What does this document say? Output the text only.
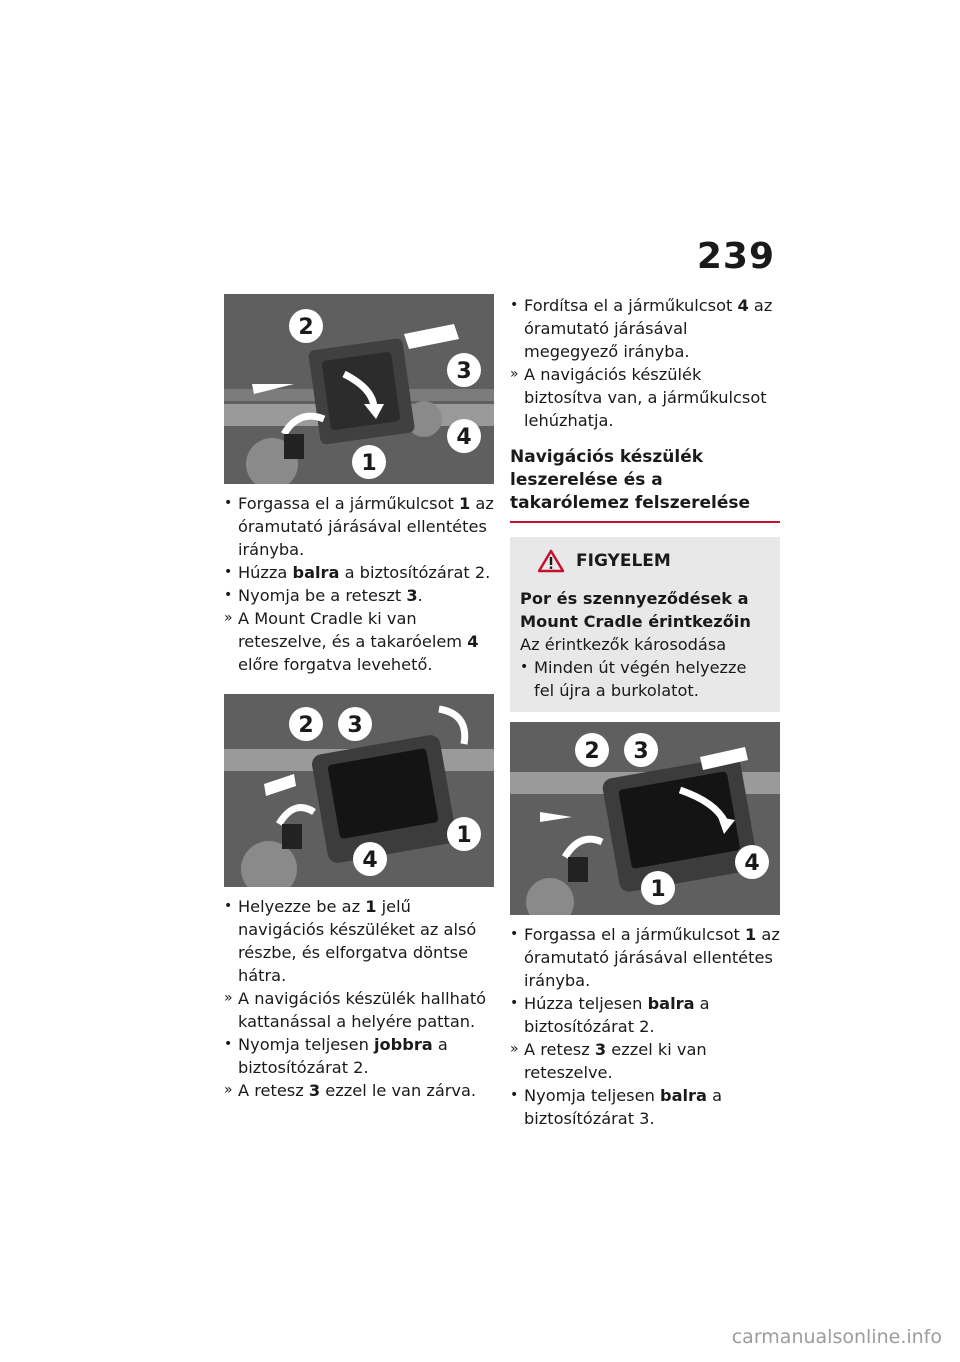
239
2
3
4
1
• Forgassa el a járműkulcsot 1 az óramutató járásával ellentétes irányba.
• Húzza balra a biztosítózárat 2.
• Nyomja be a reteszt 3.
» A Mount Cradle ki van reteszelve, és a takaróelem 4 előre forgatva levehető.
2 3
1
4
• Helyezze be az 1 jelű navigációs készüléket az alsó részbe, és elforgatva döntse hátra.
» A navigációs készülék hallható kattanással a helyére pattan.
• Nyomja teljesen jobbra a biztosítózárat 2.
» A retesz 3 ezzel le van zárva.
• Fordítsa el a járműkulcsot 4 az óramutató járásával megegyező irányba.
» A navigációs készülék biztosítva van, a járműkulcsot lehúzhatja.
Navigációs készülék leszerelése és a takarólemez felszerelése
FIGYELEM
Por és szennyeződések a Mount Cradle érintkezőin
Az érintkezők károsodása
• Minden út végén helyezze fel újra a burkolatot.
2 3
4
1
• Forgassa el a járműkulcsot 1 az óramutató járásával ellentétes irányba.
• Húzza teljesen balra a biztosítózárat 2.
» A retesz 3 ezzel ki van reteszelve.
• Nyomja teljesen balra a biztosítózárat 3.
carmanualsonline.info
